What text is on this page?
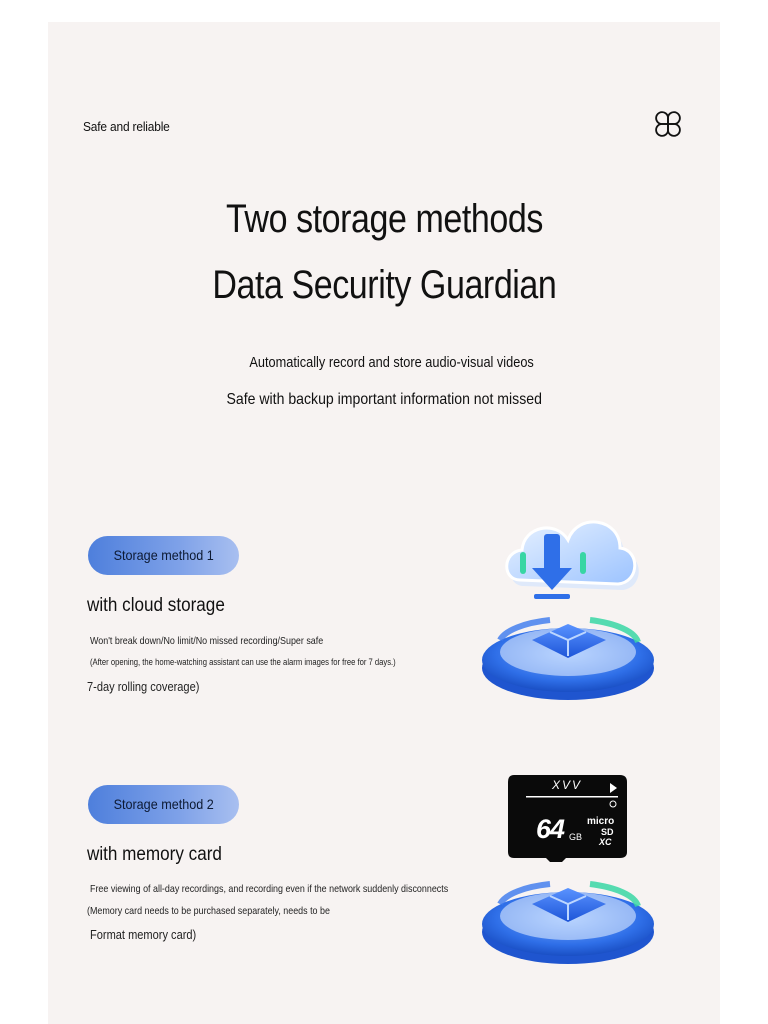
Safe and reliable
Two storage methods
Data Security Guardian
Automatically record and store audio-visual videos
Safe with backup important information not missed
Storage method 1
with cloud storage
Won't break down/No limit/No missed recording/Super safe
(After opening, the home-watching assistant can use the alarm images for free for 7 days.)
7-day rolling coverage)
Storage method 2
with memory card
Free viewing of all-day recordings, and recording even if the network suddenly disconnects
(Memory card needs to be purchased separately, needs to be
Format memory card)
XVV
64 GB
micro
SD
XC
